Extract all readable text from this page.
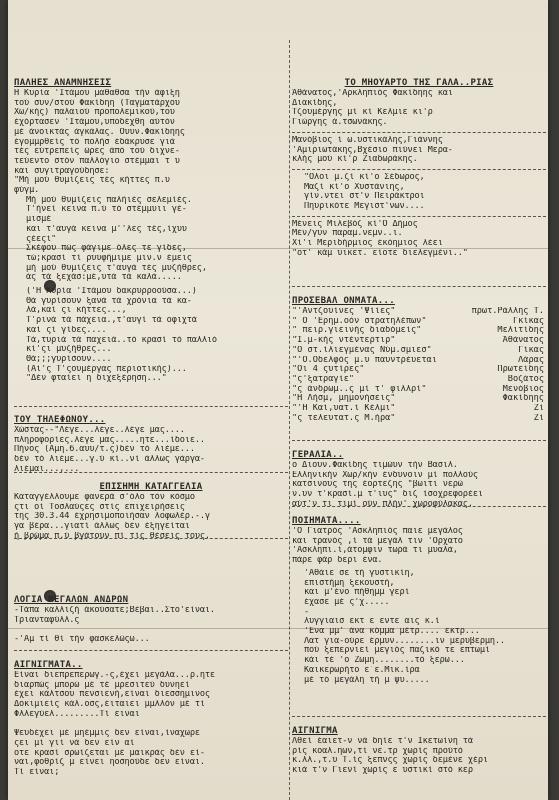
ΠΑΛΗΕΣ ΑΝΑΜΝΗΣΕΙΣ
Η Κυρία 'Ιτάμου μαθαθσα τήν άφιξη
τού συν/στού Φακίδηη (Ταγματάρχου
Χω/κής) παλαιού προπολεμικού,του
έχόρτασεν 'Ιτάμου,υποδέχθη αύτόν
μέ άνοικτάς άγκάλας. Ουυν.Φακίδηης
έγομμρθείς τό πολήσ έδάκρυσε γιά
τές εύτρεπείς ώρες άπό τού διχνε-
τεύεντο στόν παλλόγιο στέμμαι τ υ
και συγιτραγούδησε:
"Μή μού θυμίζεις τές κήττες π.υ
φύγμ.
Μή μού θυμίζεις παλήιές σελεμίές.
Τ'ήνεί κεΐνα π.ύ τό στέμμυιι γέ-
μισμέ
και τ'αυγά κεΐνα μ''λες τές,ίχυυ
ςέεςί"
Σκέφου πώς φάγιμε όλες τε γίδες,
τώ;κρασί τί ρυυφήμιμε μιν.ν έμεΐς
μή μού θυμίζεις τ'αυγά τές μυζήθρες,
άς τά ξεχάσ:μέ,υτά τά καλά.....
('Η Κυρία 'Ιτάμου δακρυρροούσα...)
Θά γυρίσουν ξανά τά χρόνια τά κα-
λά,καί ςι κήττες...,
Τ'ρινά τά πάχεια.,τ'αυγί τά οφιχτά
καί ςί γίδες....
Τά,τυριά τά παχειά..τό κρασί τό παλλιό
κί'ςι μυζήθρες...
Θά;;;γυρίσουν....
(Αί'ς Τ'ςουμέργας περιοτικής)...
"Δέν φταίει η διχεξέρηση..."
ΤΟΥ ΤΗΛΕΦΩΝΟΥ...
Χώστας--"Λέγε...λέγε..λέγε μας....
πληροφορίες.λέγε μας.....ητε...ίδοιε..
Πήνος (Αμη.6.αυυ/τ.ς)δέν τό λιέμε...
δέν τό λιέμε...γ.ύ κί..νί άλλως γάργα-
λιέμαι...,...
ΕΠΙΣΗΜΗ ΚΑΤΑΓΓΕΛΙΑ
Καταγγέλλουμε φανερά σ'όλο τόν κόσμο
ςτι οί Τοσλαύςες στίς επιχειρήσεις
της 30.3.44 έχρησιμοποιήσαν λοφωλέρ.-.γ
γα βέρα...γιατί άλλως δέν έξηγείται
ή βρώμα π.ύ βγάτουν πί τίς θέσεις τους.
ΛΟΓΙΑ ΜΕΓΑΛΩΝ ΑΝΔΡΩΝ
-Τάπα καλλιζή άκούσατε;Βέβαι..Στο'είναι.
Τριανταφύλλ.ς

-'Αμ τί θί τήν φασκελώςω...
ΑΙΓΝΙΓΜΑΤΑ..
Είναι διεπρεπερωγ.-ς,έχει μεγάλα...ρ.ητε
διαρπώς μπορώ μέ τέ μρεσιτεύ δυνηεί
έχει κάλτσου πενσιενή,είναι διεσσημινος
Δοκιμιείς κάλ.οσς,έιταιει μμλλόν μέ τί
Φλλεγύελ.........Τί ειναι

Ψευδέχει μέ μηέμμις δεν είναι,ίναχωρε
ςει μί γιί νά δεν είν αί
οτε κρασί σρωίζεται μέ μαικράς δέν εί-
ναι,φοθρίζ μ είνει ηοσηούδε δεν είναι.
Τί είναι;
ΤΟ ΜΗΟΥΑΡΤΟ ΤΗΣ ΓΑΛΑ..ΡΙΑΣ
Άθάνατος,'Αρκληπιός Φακίδηης και
Διακίδης,
Τζουμέργης μί κί Κελμιε κι'ρ
Γιώργης ά.τσωνάκης.
Μανόβιος ί ω.υστικάλης,Γιάννης
'Αμιριωτάκης,Βχέσιο πιύνει Μερα-
κλής μού κί'ρ Ζιαδωράκης.
"Ολοι μ.ζί κί'ο Σέδωρος,
Μαζί κί'ο Χυστάνιης,
γίν.ντει στ'ν Πειράκτροι
Πηυρικότε Μεγιστ'νων....
Μένεις Μιλεβόζ κί'Ο Δήμος
Μέν/γυν παραμ.νεμν..ι.
Χί'ι Μεριδήρμιος έκόημιος λέει
"οτ' κάμ υικετ. είοτε διελεγμένι.."
ΠΡΟΣΕΒΑΛ ΟΝΜΑΤΑ...
"'Αντζουίνες 'Ψίίες"	πρωτ.Ράλλης Τ.
" Ο 'Ερημ.οόν στρατηλέπων"	Γκίκας
" πεΐρ.γιεινής διαδόμείς"	Μελιτίδης
"Ί.μ-κής ντέντερτιρ"	Άθάνατος
"Ο στ.ίλιεγμένας Νύμ.σμιεσ"	Γίκας
"'Ο.Οδελφός μ.υ παυντρέυεται	Λάρας
"Οι 4 ςυτίρες"	Πρωτείδης
"ς'ξατραγίε"	Βοζάτος
"ς άνδρωμ..ς μί τ' φιλλρί"	Μενόβιος
"Η Λήσμ, μημονήσεις"	Φακίδηης
"'Η Καί,υατ.ί Κέλμι"	Ζί
"ς τελεϋτατ.ς Μ.ήρα"	Ζί
ΓΕΡΑΛΙΑ..
ο Διουν.Φακίδης τιμώυν τήν Βασιλ.
Ελληνικήν Χωρ/κήν ένδυνοιν μί πολλούς
κατσινους της έορτεζης "βωιτι νερώ
ν.υν τ'κρασί.μ τ'ιυς" διζ ίσοχρεφορέει
αύτ'ν τι τιμί ούν πλήν' χωροφύλακας.
ΠΟΙΗΜΑΤΑ....
'Ο Γιατρός 'Ασκληπιός παιε μεγάλος
και τρανός ,ί τά μεγάλ τιν 'Ορχατο
'Ασκληπι.ί,άτομφιν τωρά τι μυαλά,
πάρε φάρ δερι ένα.
'Αθάιε σε τή γυστικίη,
επιστήμη ξεκουστή,
και μ'ένο πήθημμ γερί
έχασε μέ ς'χ.....
-
λυγγιαισ εκτ ε εντε αις κ.ί
'Ενα μμ' άνα κόμμα μέτρ.... εκτρ...
Λατ για-ούρε έρμυν........ιν μερυβερμη..
πού ξεπερνιεί μεγιός παζικό τε επτωμί
κάι τέ 'ο Ζωμη........τό ξερω...
Καικερωρήτο ε΄ε.Μικ.ίρα
μέ τό μεγάλη τή μ ψυ.....
ΑΙΓΝΙΓΜΑ
Λθεί έαιετ-ν νά δηίε τ'ν Ικετωίνη τά
ρίς κοαλ.ηων,τί νε.τρ χωρίς προύτό
κ.λλ.,τ.υ Τ.ίς ξεπνςς χωρίς δεμένε χέρι
κιά τ'ν Γιενί χωρίς ε υστικί στό κερ
